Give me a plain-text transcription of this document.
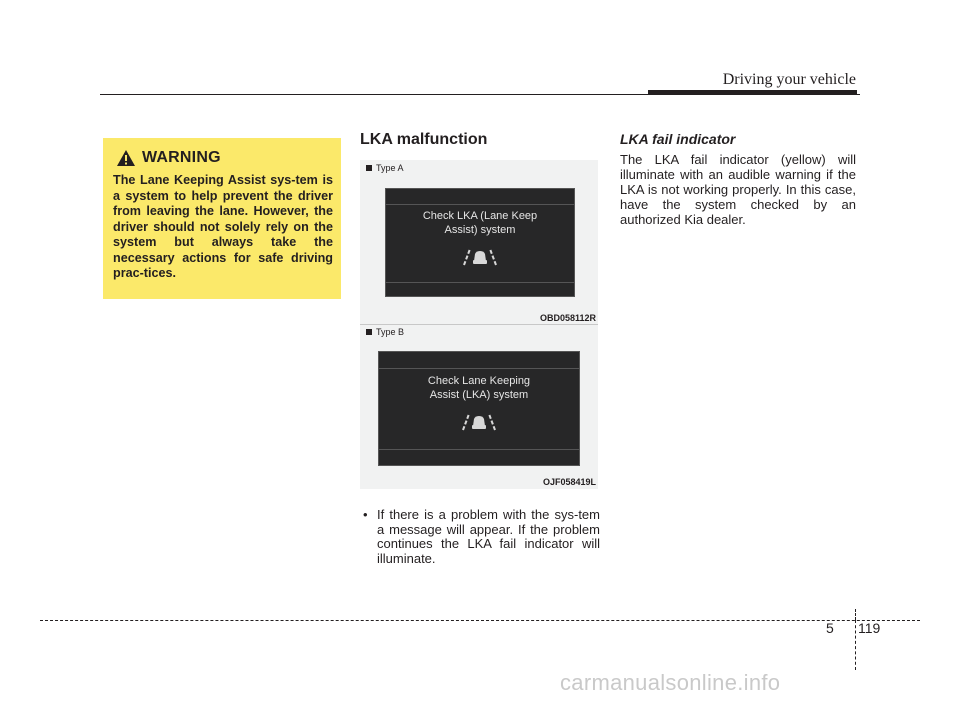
Driving your vehicle
WARNING
The Lane Keeping Assist sys-tem is a system to help prevent the driver from leaving the lane. However, the driver should not solely rely on the system but always take the necessary actions for safe driving prac-tices.
LKA malfunction
Type A
Check LKA (Lane Keep
Assist) system
OBD058112R
Type B
Check Lane Keeping
Assist (LKA) system
OJF058419L
• If there is a problem with the sys-tem a message will appear. If the problem continues the LKA fail indicator will illuminate.
LKA fail indicator
The LKA fail indicator (yellow) will illuminate with an audible warning if the LKA is not working properly. In this case, have the system checked by an authorized Kia dealer.
5 119
carmanualsonline.info
